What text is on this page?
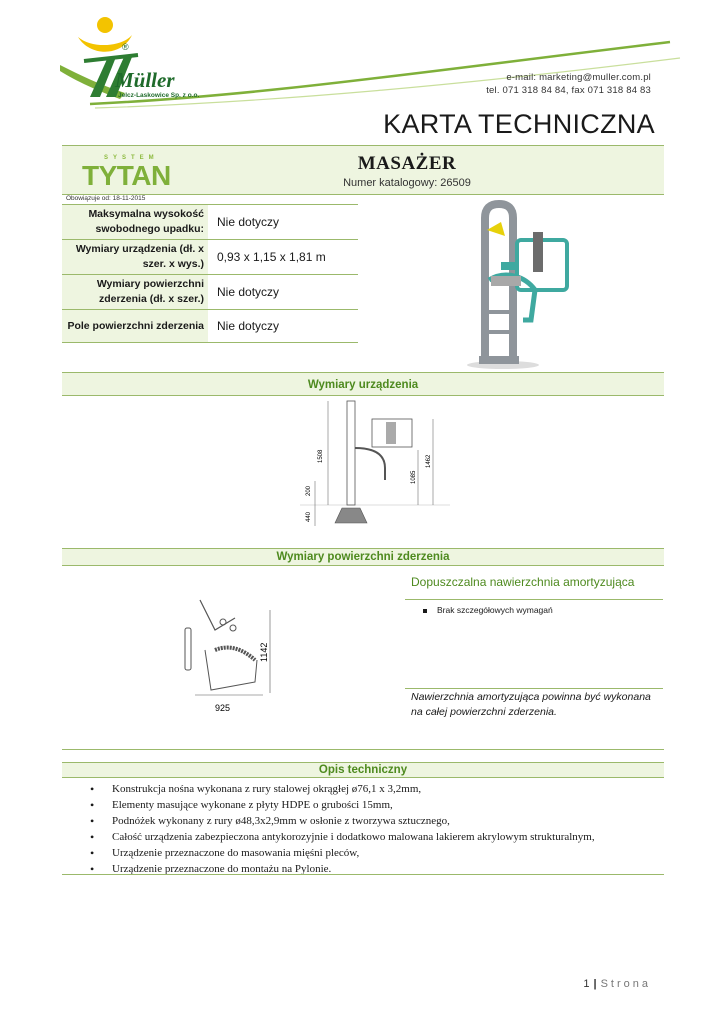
®
Müller
Jelcz-Laskowice Sp. z o.o.
e-mail: marketing@muller.com.pl
tel. 071 318 84 84, fax 071 318 84 83
KARTA TECHNICZNA
SYSTEM
TYTAN	MASAŻER
Numer katalogowy: 26509
Obowiązuje od: 18-11-2015
Maksymalna wysokość swobodnego upadku:	Nie dotyczy
Wymiary urządzenia (dł. x szer. x wys.)	0,93 x 1,15 x 1,81 m
Wymiary powierzchni zderzenia (dł. x szer.)	Nie dotyczy
Pole powierzchni zderzenia	Nie dotyczy
Wymiary urządzenia
1508
200
440
1085
1462
Wymiary powierzchni zderzenia
1142
925
Dopuszczalna nawierzchnia amortyzująca
Brak szczegółowych wymagań
Nawierzchnia amortyzująca powinna być wykonana na całej powierzchni zderzenia.
Opis techniczny
• Konstrukcja nośna wykonana z rury stalowej okrągłej ø76,1 x 3,2mm,
• Elementy masujące wykonane z płyty HDPE o grubości 15mm,
• Podnóżek wykonany z rury ø48,3x2,9mm w osłonie z tworzywa sztucznego,
• Całość urządzenia zabezpieczona antykorozyjnie i dodatkowo malowana lakierem akrylowym strukturalnym,
• Urządzenie przeznaczone do masowania mięśni pleców,
• Urządzenie przeznaczone do montażu na Pylonie.
1 | Strona
